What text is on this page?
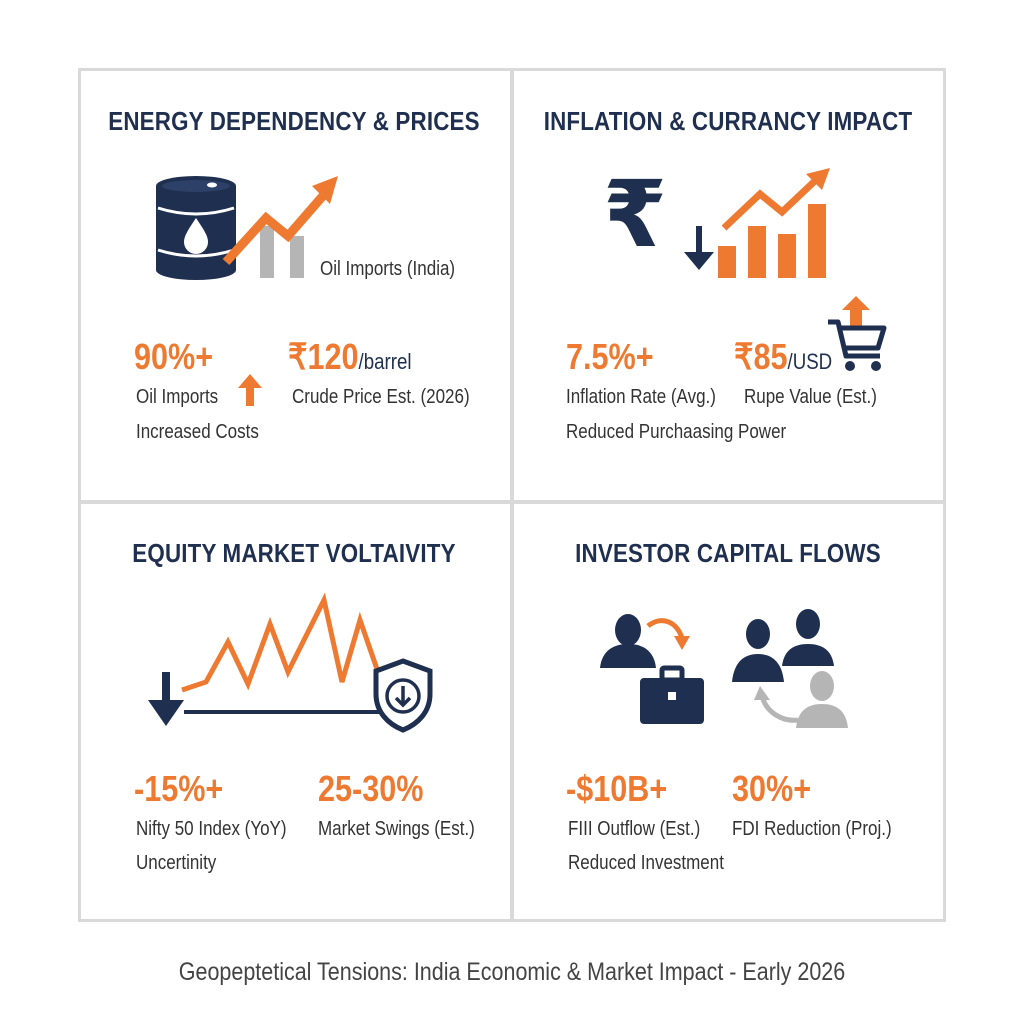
ENERGY DEPENDENCY & PRICES
Oil Imports (India)
90%+ ₹120/barrel
Oil Imports	Crude Price Est. (2026)
Increased Costs
INFLATION & CURRANCY IMPACT
₹
7.5%+ ₹85/USD
Inflation Rate (Avg.) Rupe Value (Est.)
Reduced Purchaasing Power
EQUITY MARKET VOLTAIVITY
-15%+	25-30%
Nifty 50 Index (YoY) Market Swings (Est.)
Uncertinity
INVESTOR CAPITAL FLOWS
-$10B+ 30%+
FIII Outflow (Est.) FDI Reduction (Proj.)
Reduced Investment
Geopeptetical Tensions: India Economic & Market Impact - Early 2026
